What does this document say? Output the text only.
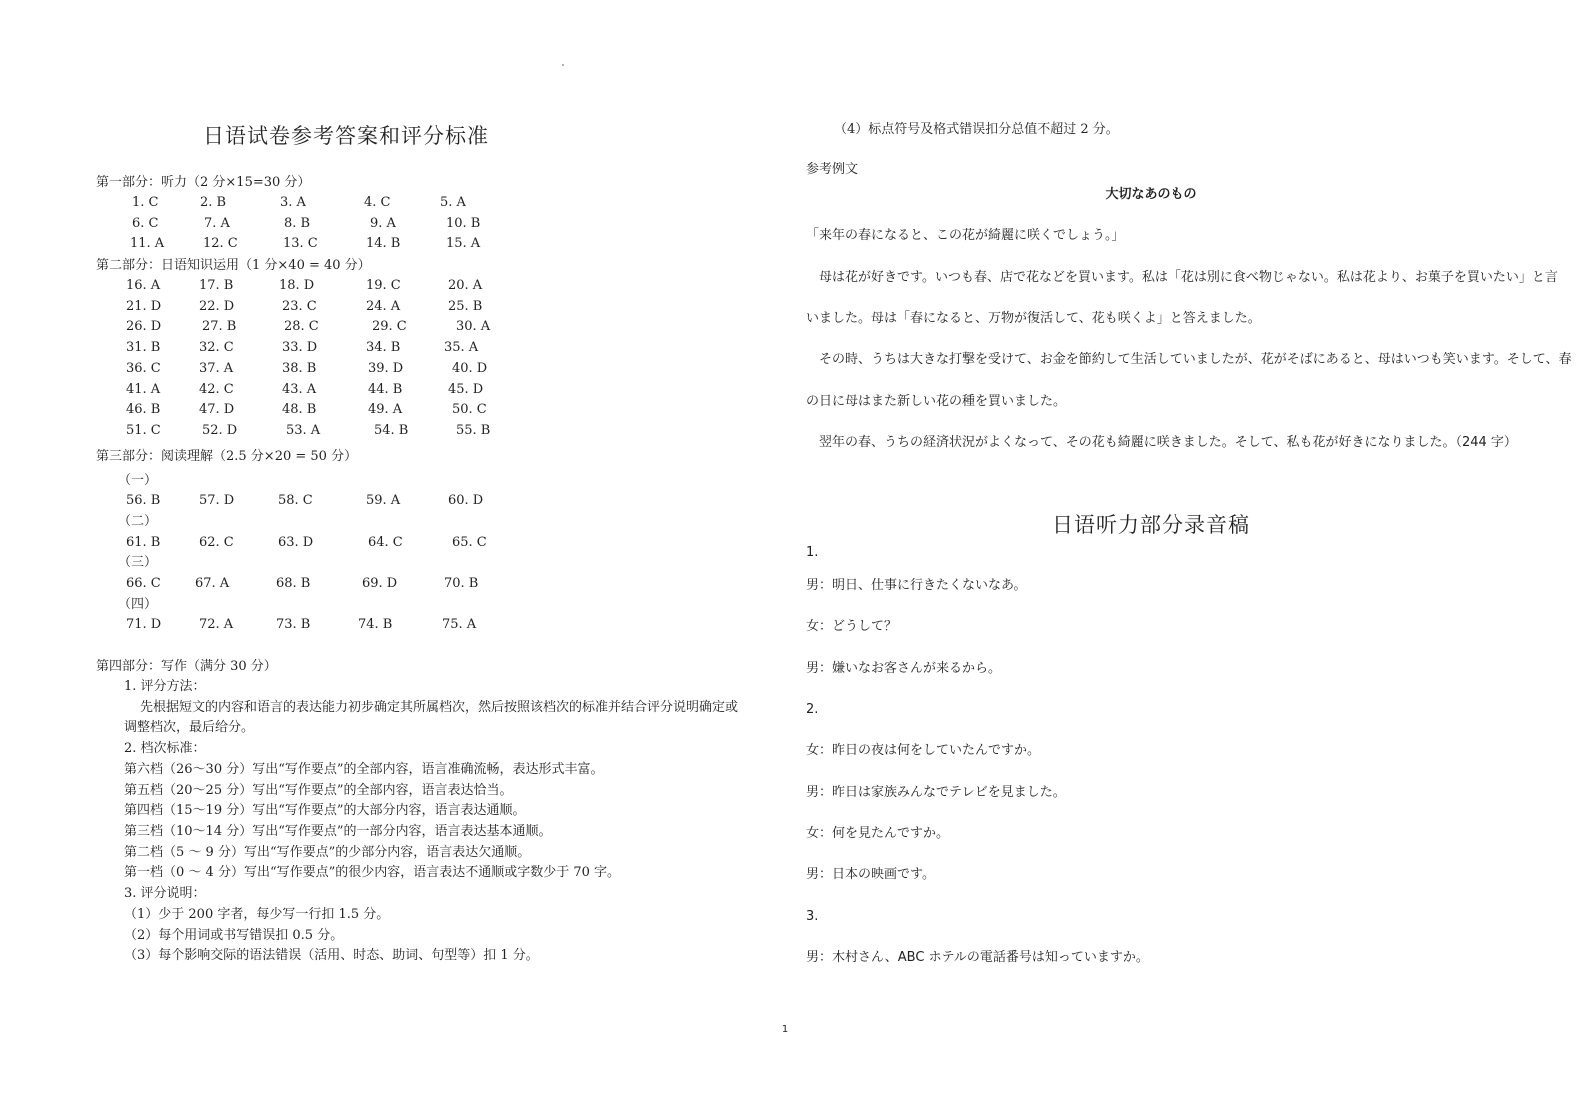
日语试卷参考答案和评分标准
第一部分：听力（2 分×15=30 分）
1. C	2. B	3. A	4. C	5. A
6. C	7. A	8. B	9. A	10. B
11. A	12. C	13. C	14. B	15. A
第二部分：日语知识运用（1 分×40 = 40 分）
16. A	17. B	18. D	19. C	20. A
21. D	22. D	23. C	24. A	25. B
26. D	27. B	28. C	29. C	30. A
31. B	32. C	33. D	34. B	35. A
36. C	37. A	38. B	39. D	40. D
41. A	42. C	43. A	44. B	45. D
46. B	47. D	48. B	49. A	50. C
51. C	52. D	53. A	54. B	55. B
第三部分：阅读理解（2.5 分×20 = 50 分）
（一）
56. B	57. D	58. C	59. A	60. D
（二）
61. B	62. C	63. D	64. C	65. C
（三）
66. C	67. A	68. B	69. D	70. B
（四）
71. D	72. A	73. B	74. B	75. A
第四部分：写作（满分 30 分）
1. 评分方法：
先根据短文的内容和语言的表达能力初步确定其所属档次，然后按照该档次的标准并结合评分说明确定或
调整档次，最后给分。
2. 档次标准：
第六档（26～30 分）写出“写作要点”的全部内容，语言准确流畅，表达形式丰富。
第五档（20～25 分）写出“写作要点”的全部内容，语言表达恰当。
第四档（15～19 分）写出“写作要点”的大部分内容，语言表达通顺。
第三档（10～14 分）写出“写作要点”的一部分内容，语言表达基本通顺。
第二档（5 ～ 9 分）写出“写作要点”的少部分内容，语言表达欠通顺。
第一档（0 ～ 4 分）写出“写作要点”的很少内容，语言表达不通顺或字数少于 70 字。
3. 评分说明：
（1）少于 200 字者，每少写一行扣 1.5 分。
（2）每个用词或书写错误扣 0.5 分。
（3）每个影响交际的语法错误（活用、时态、助词、句型等）扣 1 分。
（4）标点符号及格式错误扣分总值不超过 2 分。
参考例文
大切なあのもの
「来年の春になると、この花が綺麗に咲くでしょう。」
　母は花が好きです。いつも春、店で花などを買います。私は「花は別に食べ物じゃない。私は花より、お菓子を買いたい」と言
いました。母は「春になると、万物が復活して、花も咲くよ」と答えました。
　その時、うちは大きな打撃を受けて、お金を節約して生活していましたが、花がそばにあると、母はいつも笑います。そして、春
の日に母はまた新しい花の種を買いました。
　翌年の春、うちの経済状況がよくなって、その花も綺麗に咲きました。そして、私も花が好きになりました。（244 字）
日语听力部分录音稿
1.
男：明日、仕事に行きたくないなあ。
女：どうして？
男：嫌いなお客さんが来るから。
2.
女：昨日の夜は何をしていたんですか。
男：昨日は家族みんなでテレビを見ました。
女：何を見たんですか。
男：日本の映画です。
3.
男：木村さん、ABC ホテルの電話番号は知っていますか。
1
